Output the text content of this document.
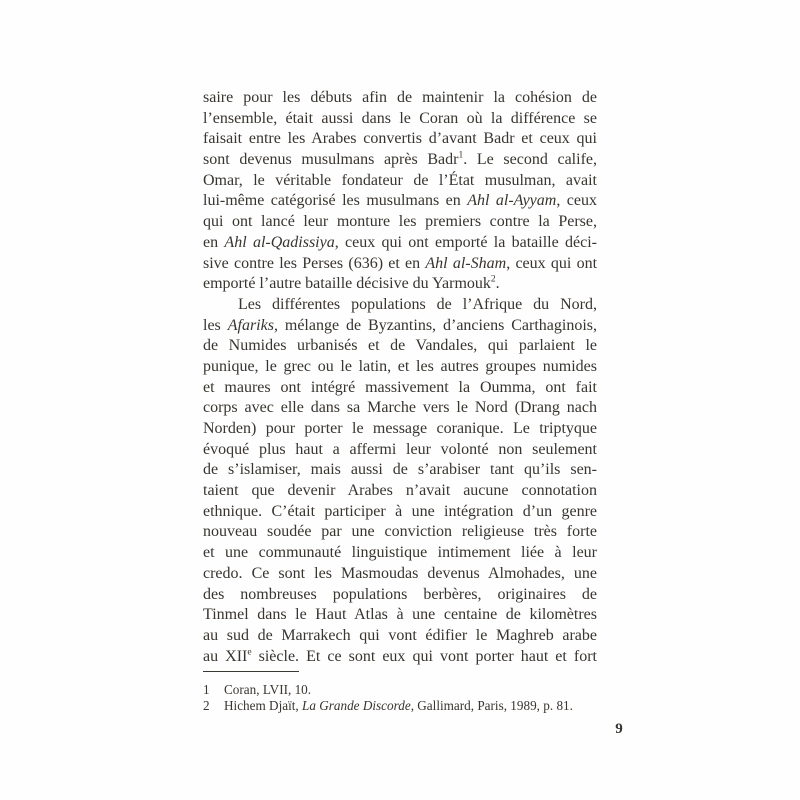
saire pour les débuts afin de maintenir la cohésion de
l’ensemble, était aussi dans le Coran où la différence se
faisait entre les Arabes convertis d’avant Badr et ceux qui
sont devenus musulmans après Badr$^1$. Le second calife,
Omar, le véritable fondateur de l’État musulman, avait
lui-même catégorisé les musulmans en Ahl al-Ayyam, ceux
qui ont lancé leur monture les premiers contre la Perse,
en Ahl al-Qadissiya, ceux qui ont emporté la bataille déci-
sive contre les Perses (636) et en Ahl al-Sham, ceux qui ont
emporté l’autre bataille décisive du Yarmouk$^2$.
Les différentes populations de l’Afrique du Nord,
les Afariks, mélange de Byzantins, d’anciens Carthaginois,
de Numides urbanisés et de Vandales, qui parlaient le
punique, le grec ou le latin, et les autres groupes numides
et maures ont intégré massivement la Oumma, ont fait
corps avec elle dans sa Marche vers le Nord (Drang nach
Norden) pour porter le message coranique. Le triptyque
évoqué plus haut a affermi leur volonté non seulement
de s’islamiser, mais aussi de s’arabiser tant qu’ils sen-
taient que devenir Arabes n’avait aucune connotation
ethnique. C’était participer à une intégration d’un genre
nouveau soudée par une conviction religieuse très forte
et une communauté linguistique intimement liée à leur
credo. Ce sont les Masmoudas devenus Almohades, une
des nombreuses populations berbères, originaires de
Tinmel dans le Haut Atlas à une centaine de kilomètres
au sud de Marrakech qui vont édifier le Maghreb arabe
au XIIe siècle. Et ce sont eux qui vont porter haut et fort
1	Coran, LVII, 10.
2	Hichem Djaït, La Grande Discorde, Gallimard, Paris, 1989, p. 81.
9
